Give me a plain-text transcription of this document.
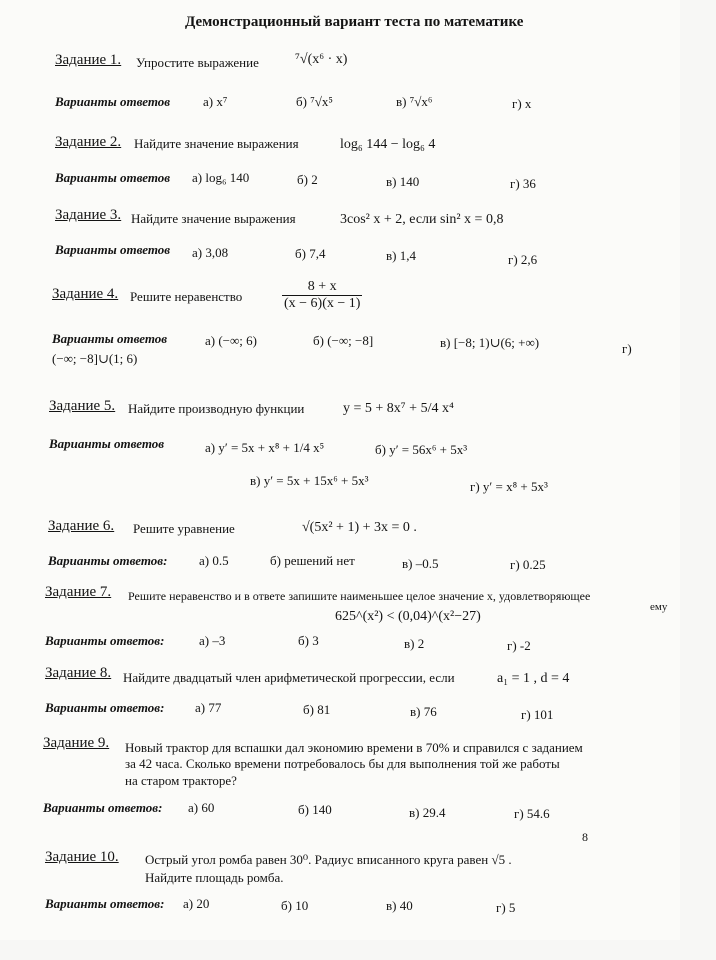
Демонстрационный вариант теста по математике
Задание 1. Упростите выражение	⁷√(x⁶ · x)
Варианты ответов	а) x⁷	б) ⁷√x⁵	в) ⁷√x⁶	г) x
Задание 2. Найдите значение выражения	log₆ 144 − log₆ 4
Варианты ответов а) log₆ 140	б) 2	в) 140	г) 36
Задание 3. Найдите значение выражения	3cos² x + 2, если sin² x = 0,8
Варианты ответов а) 3,08	б) 7,4	в) 1,4	г) 2,6
Задание 4. Решите неравенство	$\frac{8 + x}{(x - 6)(x - 1)}$
Варианты ответов	а) (−∞; 6)	б) (−∞; −8]	в) [−8; 1)∪(6; +∞)	г)
(−∞; −8]∪(1; 6)
Задание 5. Найдите производную функции	y = 5 + 8x⁷ + 5/4 x⁴
Варианты ответов	а) y′ = 5x + x⁸ + 1/4 x⁵	б) y′ = 56x⁶ + 5x³
в) y′ = 5x + 15x⁶ + 5x³	г) y′ = x⁸ + 5x³
Задание 6. Решите уравнение	√(5x² + 1) + 3x = 0 .
Варианты ответов: а) 0.5	б) решений нет	в) –0.5	г) 0.25
Задание 7. Решите неравенство и в ответе запишите наименьшее целое значение х, удовлетворяющее
ему
625^(x²) < (0,04)^(x²−27)
Варианты ответов:	а) –3	б) 3	в) 2	г) -2
Задание 8. Найдите двадцатый член арифметической прогрессии, если	a₁ = 1 , d = 4
Варианты ответов: а) 77	б) 81	в) 76	г) 101
Задание 9. Новый трактор для вспашки дал экономию времени в 70% и справился с заданием
за 42 часа. Сколько времени потребовалось бы для выполнения той же работы
на старом тракторе?
Варианты ответов: а) 60	б) 140	в) 29.4	г) 54.6
8
Задание 10. Острый угол ромба равен 30⁰. Радиус вписанного круга равен √5 .
Найдите площадь ромба.
Варианты ответов: а) 20	б) 10	в) 40	г) 5
